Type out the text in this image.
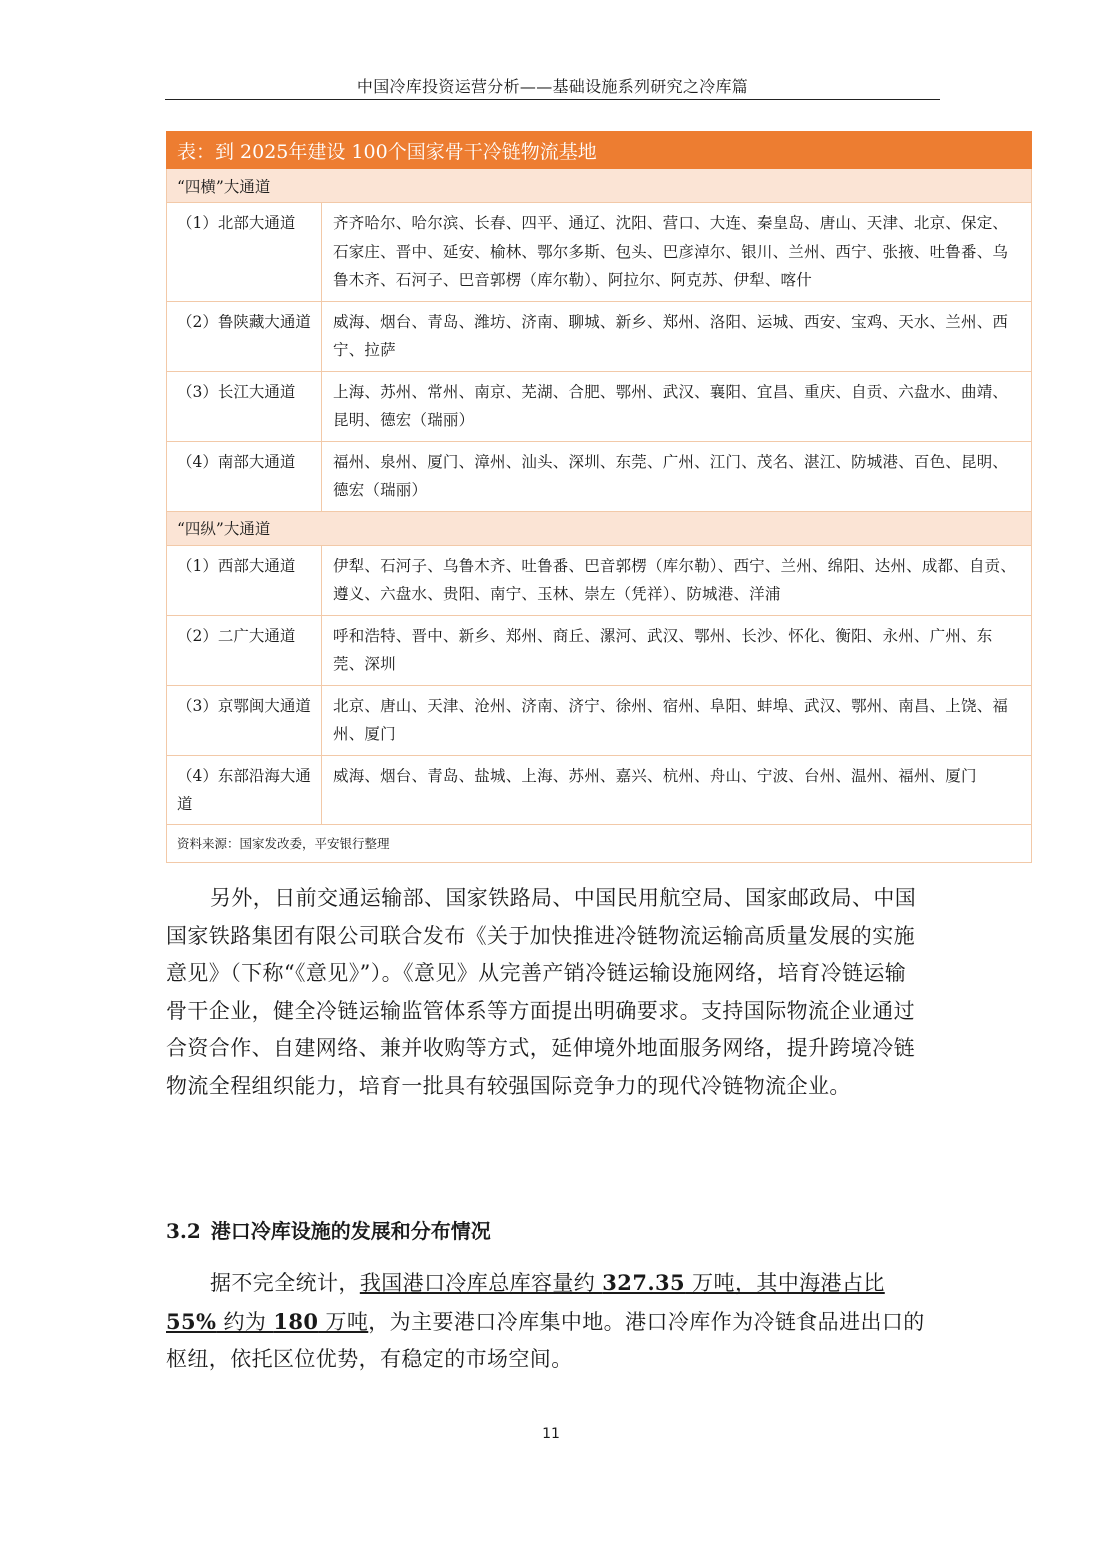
中国冷库投资运营分析——基础设施系列研究之冷库篇
表：到 2025年建设 100个国家骨干冷链物流基地	
“四横”大通道	
（1）北部大通道	齐齐哈尔、哈尔滨、长春、四平、通辽、沈阳、营口、大连、秦皇岛、唐山、天津、北京、保定、石家庄、晋中、延安、榆林、鄂尔多斯、包头、巴彦淖尔、银川、兰州、西宁、张掖、吐鲁番、乌鲁木齐、石河子、巴音郭楞（库尔勒）、阿拉尔、阿克苏、伊犁、喀什
（2）鲁陕藏大通道	威海、烟台、青岛、潍坊、济南、聊城、新乡、郑州、洛阳、运城、西安、宝鸡、天水、兰州、西宁、拉萨
（3）长江大通道	上海、苏州、常州、南京、芜湖、合肥、鄂州、武汉、襄阳、宜昌、重庆、自贡、六盘水、曲靖、昆明、德宏（瑞丽）
（4）南部大通道	福州、泉州、厦门、漳州、汕头、深圳、东莞、广州、江门、茂名、湛江、防城港、百色、昆明、德宏（瑞丽）
“四纵”大通道	
（1）西部大通道	伊犁、石河子、乌鲁木齐、吐鲁番、巴音郭楞（库尔勒）、西宁、兰州、绵阳、达州、成都、自贡、遵义、六盘水、贵阳、南宁、玉林、崇左（凭祥）、防城港、洋浦
（2）二广大通道	呼和浩特、晋中、新乡、郑州、商丘、漯河、武汉、鄂州、长沙、怀化、衡阳、永州、广州、东莞、深圳
（3）京鄂闽大通道	北京、唐山、天津、沧州、济南、济宁、徐州、宿州、阜阳、蚌埠、武汉、鄂州、南昌、上饶、福州、厦门
（4）东部沿海大通道	威海、烟台、青岛、盐城、上海、苏州、嘉兴、杭州、舟山、宁波、台州、温州、福州、厦门
资料来源：国家发改委，平安银行整理	

另外，日前交通运输部、国家铁路局、中国民用航空局、国家邮政局、中国国家铁路集团有限公司联合发布《关于加快推进冷链物流运输高质量发展的实施意见》（下称“《意见》”）。《意见》从完善产销冷链运输设施网络，培育冷链运输骨干企业，健全冷链运输监管体系等方面提出明确要求。支持国际物流企业通过合资合作、自建网络、兼并收购等方式，延伸境外地面服务网络，提升跨境冷链物流全程组织能力，培育一批具有较强国际竞争力的现代冷链物流企业。

3.2 港口冷库设施的发展和分布情况

据不完全统计，我国港口冷库总库容量约 327.35 万吨，其中海港占比 55% 约为 180 万吨，为主要港口冷库集中地。港口冷库作为冷链食品进出口的枢纽，依托区位优势，有稳定的市场空间。

11
